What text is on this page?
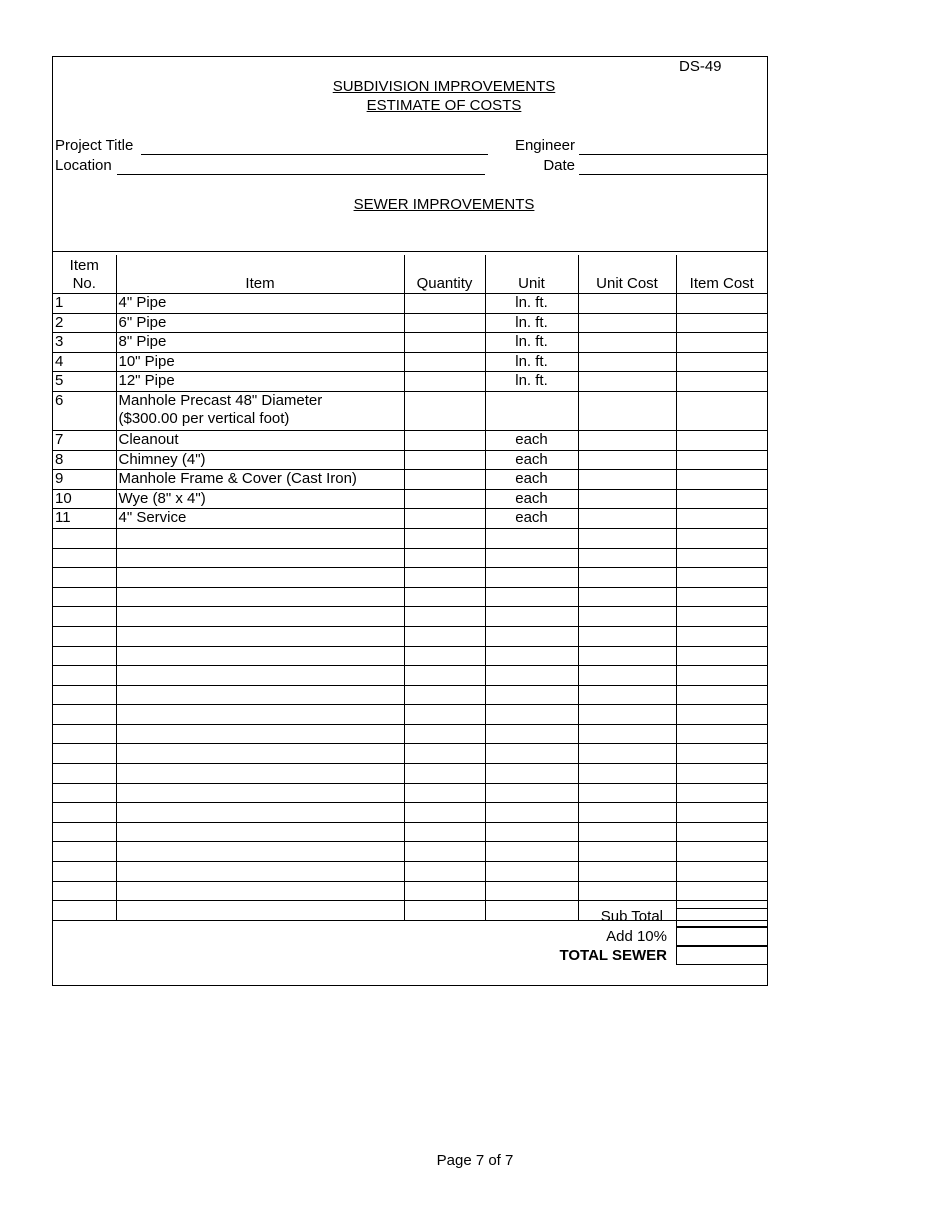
DS-49
SUBDIVISION IMPROVEMENTS
ESTIMATE OF COSTS
Project Title
Location
Engineer
Date
SEWER IMPROVEMENTS
Item
No.	Item	Quantity	Unit	Unit Cost	Item Cost
1	4" Pipe		ln. ft.		
2	6" Pipe		ln. ft.		
3	8" Pipe		ln. ft.		
4	10" Pipe		ln. ft.		
5	12" Pipe		ln. ft.		
6	Manhole Precast 48" Diameter
($300.00 per vertical foot)				
7	Cleanout		each		
8	Chimney (4")		each		
9	Manhole Frame & Cover (Cast Iron)		each		
10	Wye (8" x 4")		each		
11	4" Service		each		

Sub Total
Add 10%
TOTAL SEWER
Page 7 of 7
